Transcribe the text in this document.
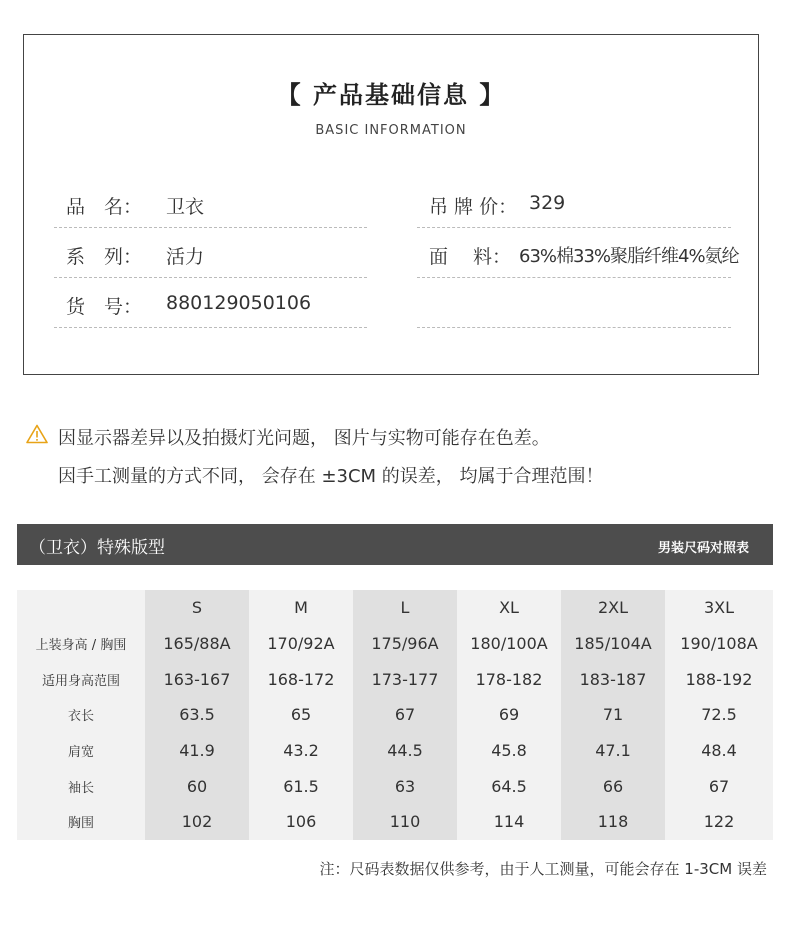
【 产品基础信息 】
BASIC INFORMATION
品　名： 卫衣
系　列： 活力
货　号： 880129050106
吊 牌 价： 329
面　 料： 63%棉33%聚脂纤维4%氨纶
因显示器差异以及拍摄灯光问题， 图片与实物可能存在色差。
因手工测量的方式不同， 会存在 ±3CM 的误差， 均属于合理范围！
（卫衣）特殊版型	男装尺码对照表
	S	M	L	XL	2XL	3XL
上装身高 / 胸围	165/88A	170/92A	175/96A	180/100A	185/104A	190/108A
适用身高范围	163-167	168-172	173-177	178-182	183-187	188-192
衣长	63.5	65	67	69	71	72.5
肩宽	41.9	43.2	44.5	45.8	47.1	48.4
袖长	60	61.5	63	64.5	66	67
胸围	102	106	110	114	118	122
注：尺码表数据仅供参考，由于人工测量，可能会存在 1-3CM 误差
